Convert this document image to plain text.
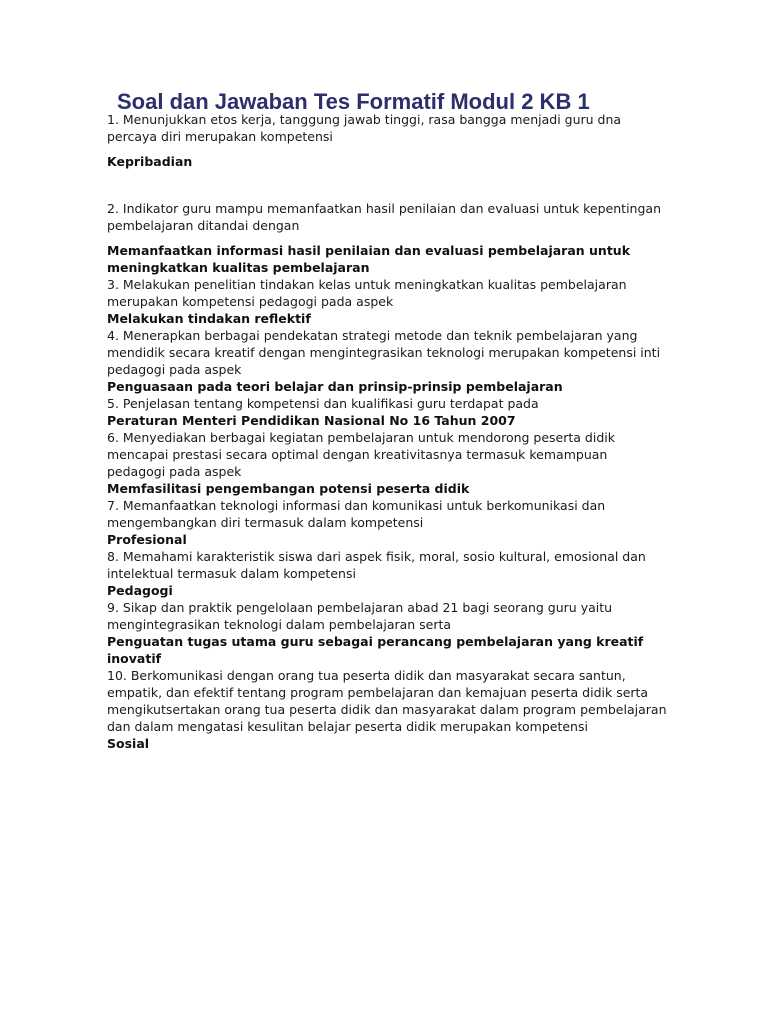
Soal dan Jawaban Tes Formatif Modul 2 KB 1

1. Menunjukkan etos kerja, tanggung jawab tinggi, rasa bangga menjadi guru dna percaya diri merupakan kompetensi

Kepribadian

2. Indikator guru mampu memanfaatkan hasil penilaian dan evaluasi untuk kepentingan pembelajaran ditandai dengan

Memanfaatkan informasi hasil penilaian dan evaluasi pembelajaran untuk meningkatkan kualitas pembelajaran

3. Melakukan penelitian tindakan kelas untuk meningkatkan kualitas pembelajaran merupakan kompetensi pedagogi pada aspek

Melakukan tindakan reflektif

4. Menerapkan berbagai pendekatan strategi metode dan teknik pembelajaran yang mendidik secara kreatif dengan mengintegrasikan teknologi merupakan kompetensi inti pedagogi pada aspek

Penguasaan pada teori belajar dan prinsip-prinsip pembelajaran

5. Penjelasan tentang kompetensi dan kualifikasi guru terdapat pada

Peraturan Menteri Pendidikan Nasional No 16 Tahun 2007

6. Menyediakan berbagai kegiatan pembelajaran untuk mendorong peserta didik mencapai prestasi secara optimal dengan kreativitasnya termasuk kemampuan pedagogi pada aspek

Memfasilitasi pengembangan potensi peserta didik

7. Memanfaatkan teknologi informasi dan komunikasi untuk berkomunikasi dan mengembangkan diri termasuk dalam kompetensi

Profesional

8. Memahami karakteristik siswa dari aspek fisik, moral, sosio kultural, emosional dan intelektual termasuk dalam kompetensi

Pedagogi

9. Sikap dan praktik pengelolaan pembelajaran abad 21 bagi seorang guru yaitu mengintegrasikan teknologi dalam pembelajaran serta

Penguatan tugas utama guru sebagai perancang pembelajaran yang kreatif inovatif

10. Berkomunikasi dengan orang tua peserta didik dan masyarakat secara santun, empatik, dan efektif tentang program pembelajaran dan kemajuan peserta didik serta mengikutsertakan orang tua peserta didik dan masyarakat dalam program pembelajaran dan dalam mengatasi kesulitan belajar peserta didik merupakan kompetensi

Sosial
